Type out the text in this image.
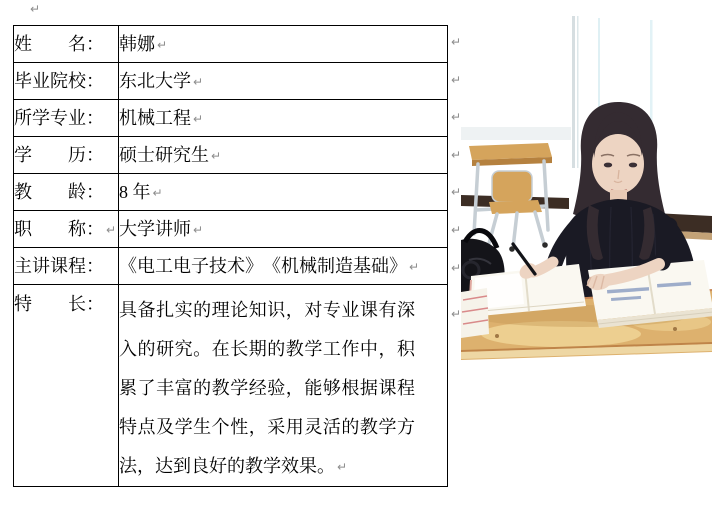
↵
姓　　名：	韩娜 ↵
毕业院校：	东北大学 ↵
所学专业：	机械工程 ↵
学　　历：	硕士研究生 ↵
教　　龄：	8 年 ↵
职　　称： ↵	大学讲师 ↵
主讲课程：	《电工电子技术》　《机械制造基础》 ↵
特　　长：	具备扎实的理论知识，对专业课有深入的研究。在长期的教学工作中，积累了丰富的教学经验，能够根据课程特点及学生个性，采用灵活的教学方法，达到良好的教学效果。 ↵

↵
↵
↵
↵
↵
↵
↵
↵
